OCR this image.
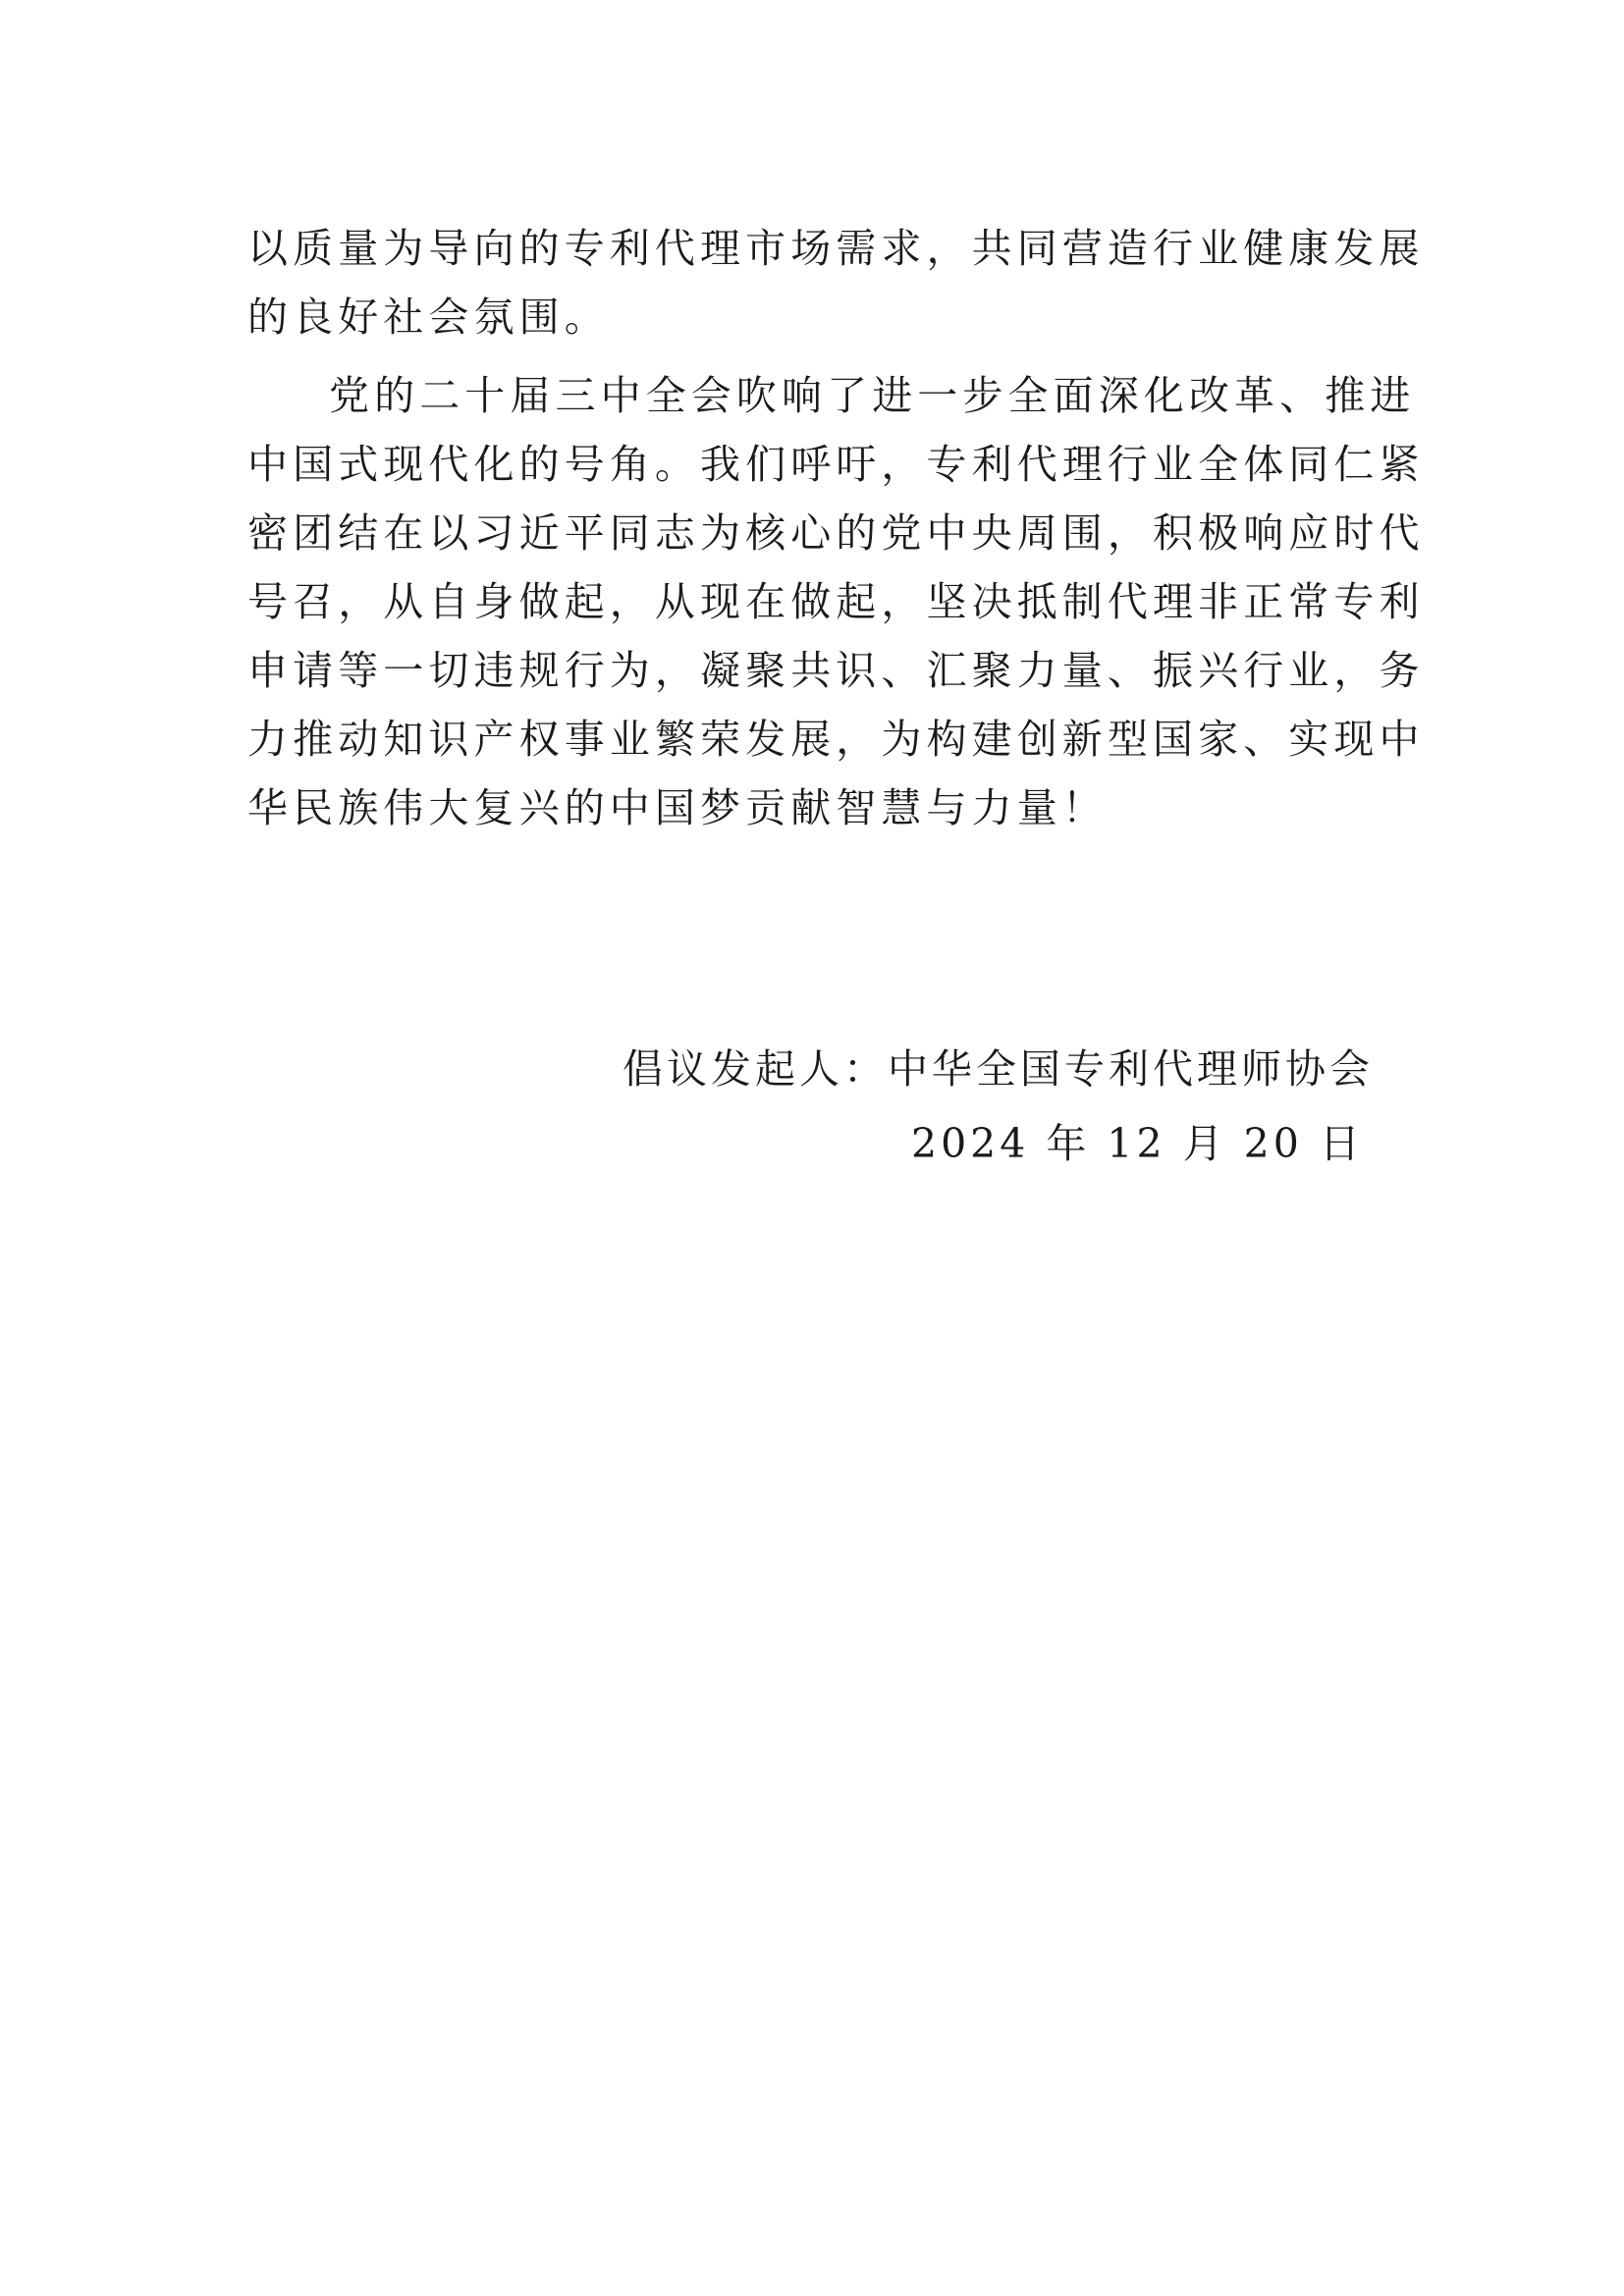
以质量为导向的专利代理市场需求，共同营造行业健康发展
的良好社会氛围。
党的二十届三中全会吹响了进一步全面深化改革、推进
中国式现代化的号角。我们呼吁，专利代理行业全体同仁紧
密团结在以习近平同志为核心的党中央周围，积极响应时代
号召，从自身做起，从现在做起，坚决抵制代理非正常专利
申请等一切违规行为，凝聚共识、汇聚力量、振兴行业，务
力推动知识产权事业繁荣发展，为构建创新型国家、实现中
华民族伟大复兴的中国梦贡献智慧与力量！
倡议发起人：中华全国专利代理师协会
2024 年 12 月 20 日
